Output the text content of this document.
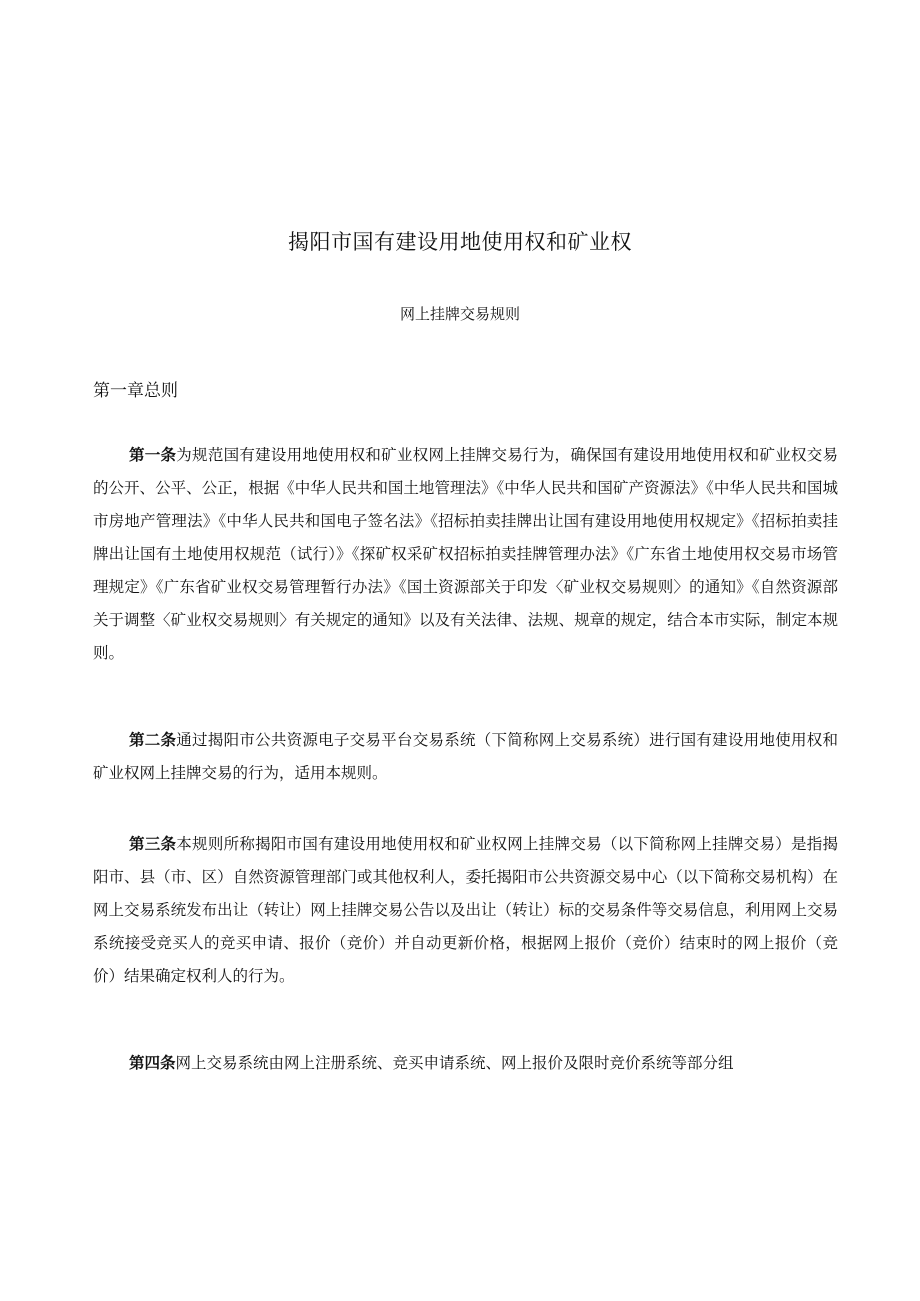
揭阳市国有建设用地使用权和矿业权
网上挂牌交易规则
第一章总则

第一条为规范国有建设用地使用权和矿业权网上挂牌交易行为，确保国有建设用地使用权和矿业权交易的公开、公平、公正，根据《中华人民共和国土地管理法》《中华人民共和国矿产资源法》《中华人民共和国城市房地产管理法》《中华人民共和国电子签名法》《招标拍卖挂牌出让国有建设用地使用权规定》《招标拍卖挂牌出让国有土地使用权规范（试行）》《探矿权采矿权招标拍卖挂牌管理办法》《广东省土地使用权交易市场管理规定》《广东省矿业权交易管理暂行办法》《国土资源部关于印发〈矿业权交易规则〉的通知》《自然资源部关于调整〈矿业权交易规则〉有关规定的通知》以及有关法律、法规、规章的规定，结合本市实际，制定本规则。

第二条通过揭阳市公共资源电子交易平台交易系统（下简称网上交易系统）进行国有建设用地使用权和矿业权网上挂牌交易的行为，适用本规则。

第三条本规则所称揭阳市国有建设用地使用权和矿业权网上挂牌交易（以下简称网上挂牌交易）是指揭阳市、县（市、区）自然资源管理部门或其他权利人，委托揭阳市公共资源交易中心（以下简称交易机构）在网上交易系统发布出让（转让）网上挂牌交易公告以及出让（转让）标的交易条件等交易信息，利用网上交易系统接受竞买人的竞买申请、报价（竞价）并自动更新价格，根据网上报价（竞价）结束时的网上报价（竞价）结果确定权利人的行为。

第四条网上交易系统由网上注册系统、竞买申请系统、网上报价及限时竞价系统等部分组
